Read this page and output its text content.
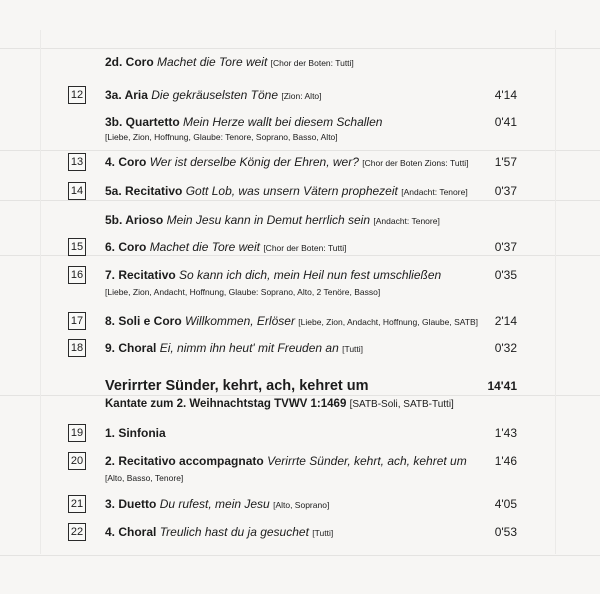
2d. Coro Machet die Tore weit [Chor der Boten: Tutti]
12 3a. Aria Die gekräuselsten Töne [Zion: Alto]	4'14
3b. Quartetto Mein Herze wallt bei diesem Schallen
[Liebe, Zion, Hoffnung, Glaube: Tenore, Soprano, Basso, Alto]
0'41
13 4. Coro Wer ist derselbe König der Ehren, wer? [Chor der Boten Zions: Tutti] 1'57
14 5a. Recitativo Gott Lob, was unsern Vätern prophezeit [Andacht: Tenore] 0'37
5b. Arioso Mein Jesu kann in Demut herrlich sein [Andacht: Tenore]
15 6. Coro Machet die Tore weit [Chor der Boten: Tutti]	0'37
16 7. Recitativo So kann ich dich, mein Heil nun fest umschließen
[Liebe, Zion, Andacht, Hoffnung, Glaube: Soprano, Alto, 2 Tenöre, Basso]
0'35
17 8. Soli e Coro Willkommen, Erlöser [Liebe, Zion, Andacht, Hoffnung, Glaube, SATB] 2'14
18 9. Choral Ei, nimm ihn heut' mit Freuden an [Tutti]	0'32
Verirrter Sünder, kehrt, ach, kehret um	14'41
Kantate zum 2. Weihnachtstag TVWV 1:1469 [SATB-Soli, SATB-Tutti]
19 1. Sinfonia	1'43
20 2. Recitativo accompagnato Verirrte Sünder, kehrt, ach, kehret um
[Alto, Basso, Tenore]
1'46
21 3. Duetto Du rufest, mein Jesu [Alto, Soprano]	4'05
22 4. Choral Treulich hast du ja gesuchet [Tutti]	0'53
